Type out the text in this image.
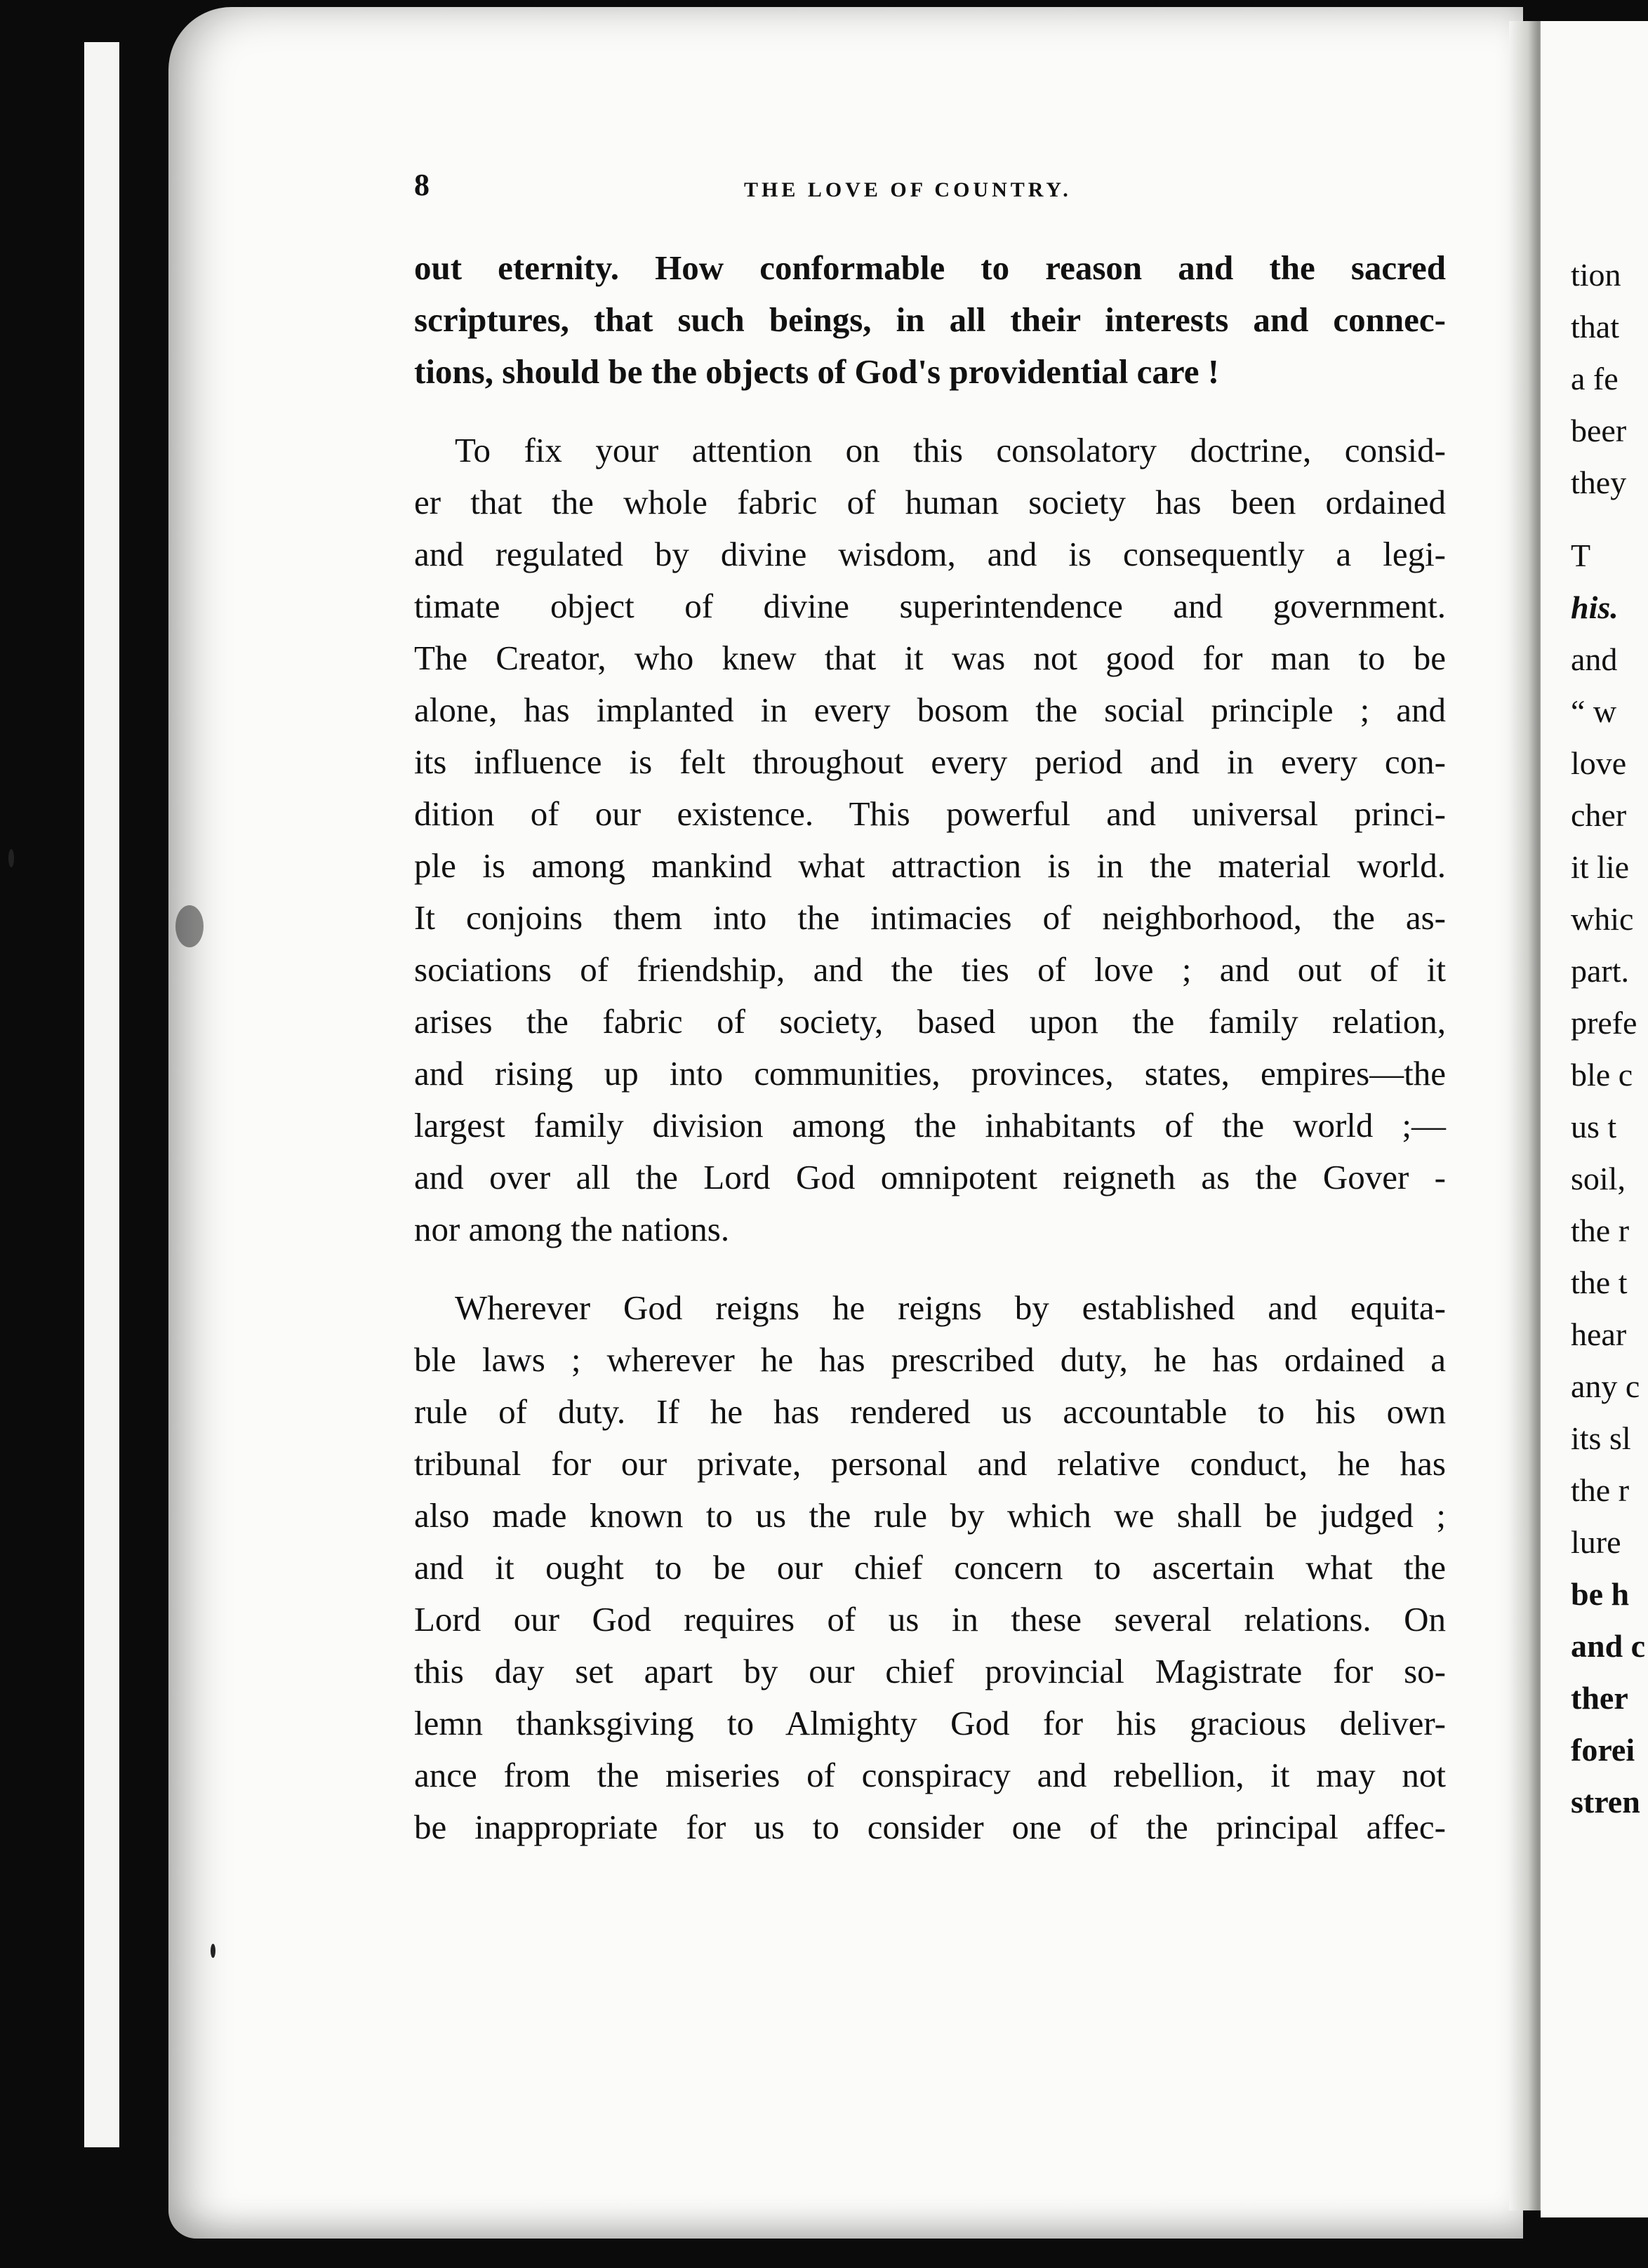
8	THE LOVE OF COUNTRY.
out eternity. How conformable to reason and the sacred
scriptures, that such beings, in all their interests and connec-
tions, should be the objects of God's providential care !
To fix your attention on this consolatory doctrine, consid-
er that the whole fabric of human society has been ordained
and regulated by divine wisdom, and is consequently a legi-
timate object of divine superintendence and government.
The Creator, who knew that it was not good for man to be
alone, has implanted in every bosom the social principle ; and
its influence is felt throughout every period and in every con-
dition of our existence. This powerful and universal princi-
ple is among mankind what attraction is in the material world.
It conjoins them into the intimacies of neighborhood, the as-
sociations of friendship, and the ties of love ; and out of it
arises the fabric of society, based upon the family relation,
and rising up into communities, provinces, states, empires—the
largest family division among the inhabitants of the world ;—
and over all the Lord God omnipotent reigneth as the Gover -
nor among the nations.
Wherever God reigns he reigns by established and equita-
ble laws ; wherever he has prescribed duty, he has ordained a
rule of duty. If he has rendered us accountable to his own
tribunal for our private, personal and relative conduct, he has
also made known to us the rule by which we shall be judged ;
and it ought to be our chief concern to ascertain what the
Lord our God requires of us in these several relations. On
this day set apart by our chief provincial Magistrate for so-
lemn thanksgiving to Almighty God for his gracious deliver-
ance from the miseries of conspiracy and rebellion, it may not
be inappropriate for us to consider one of the principal affec-
tion
that
a fe
beer
they
T
his.
and
“ w
love
cher
it lie
whic
part.
prefe
ble c
us t
soil,
the r
the t
hear
any c
its sl
the r
lure
be h
and c
ther
forei
stren
